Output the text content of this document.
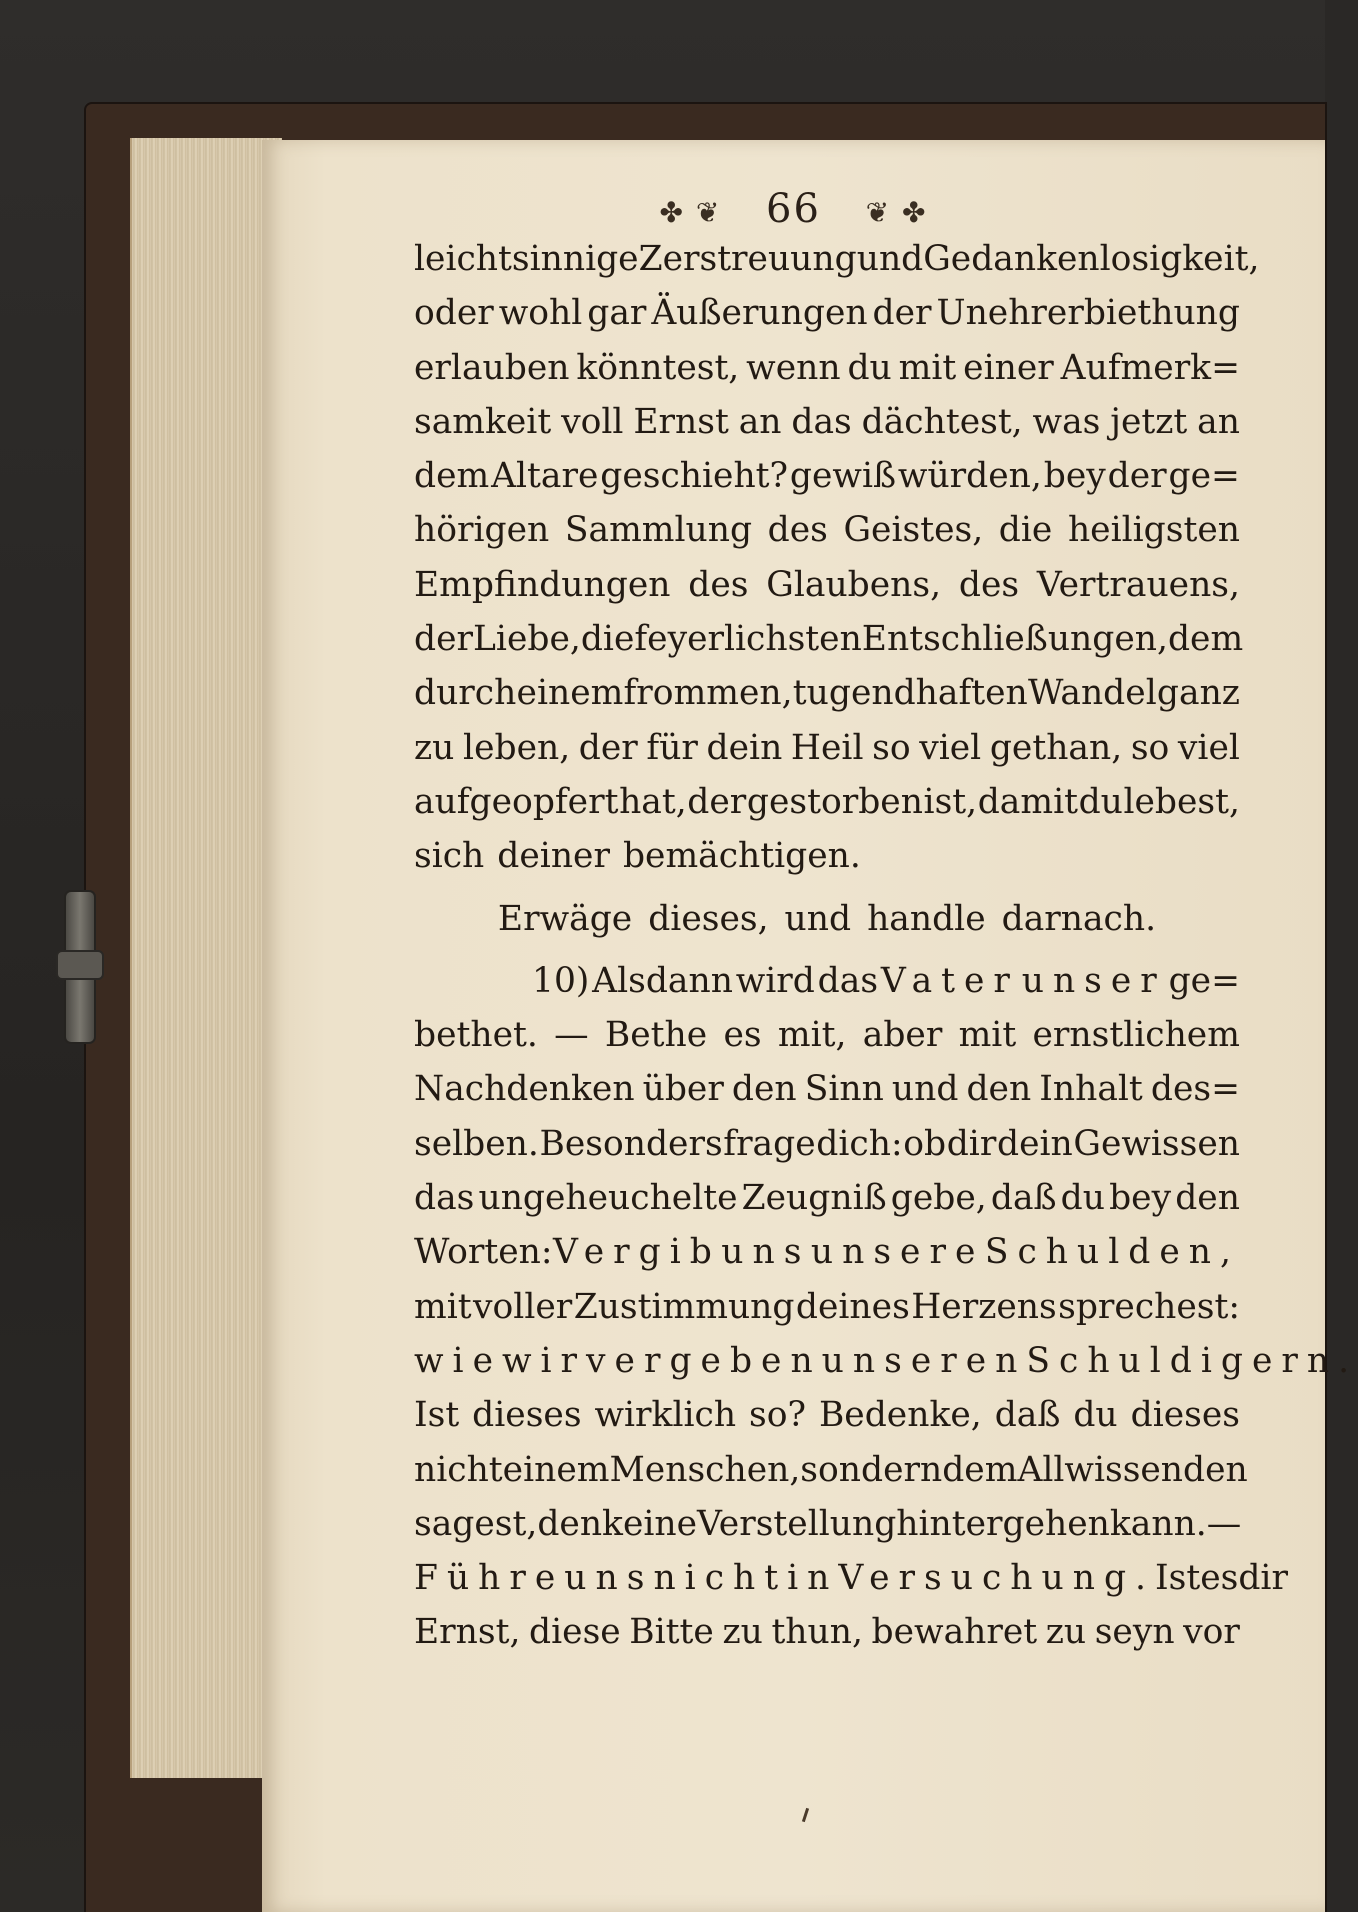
✤ ❦ 66 ❦ ✤
leichtsinnige Zerstreuung und Gedankenlosigkeit,
oder wohl gar Äußerungen der Unehrerbiethung
erlauben könntest, wenn du mit einer Aufmerk=
samkeit voll Ernst an das dächtest, was jetzt an
dem Altare geschieht? gewiß würden, bey der ge=
hörigen Sammlung des Geistes, die heiligsten
Empfindungen des Glaubens, des Vertrauens,
der Liebe, die feyerlichsten Entschließungen, dem
durch einem frommen, tugendhaften Wandel ganz
zu leben, der für dein Heil so viel gethan, so viel
aufgeopfert hat, der gestorben ist, damit du lebest,
sich deiner bemächtigen.
Erwäge dieses, und handle darnach.
10) Alsdann wird das Vater unser ge=
bethet. — Bethe es mit, aber mit ernstlichem
Nachdenken über den Sinn und den Inhalt des=
selben. Besonders frage dich: ob dir dein Gewissen
das ungeheuchelte Zeugniß gebe, daß du bey den
Worten: Vergib uns unsere Schulden,
mit voller Zustimmung deines Herzens sprechest:
wie wir vergeben unseren Schuldigern.
Ist dieses wirklich so? Bedenke, daß du dieses
nicht einem Menschen, sondern dem Allwissenden
sagest, den keine Verstellung hintergehen kann. —
Führe uns nicht in Versuchung. Ist es dir
Ernst, diese Bitte zu thun, bewahret zu seyn vor
